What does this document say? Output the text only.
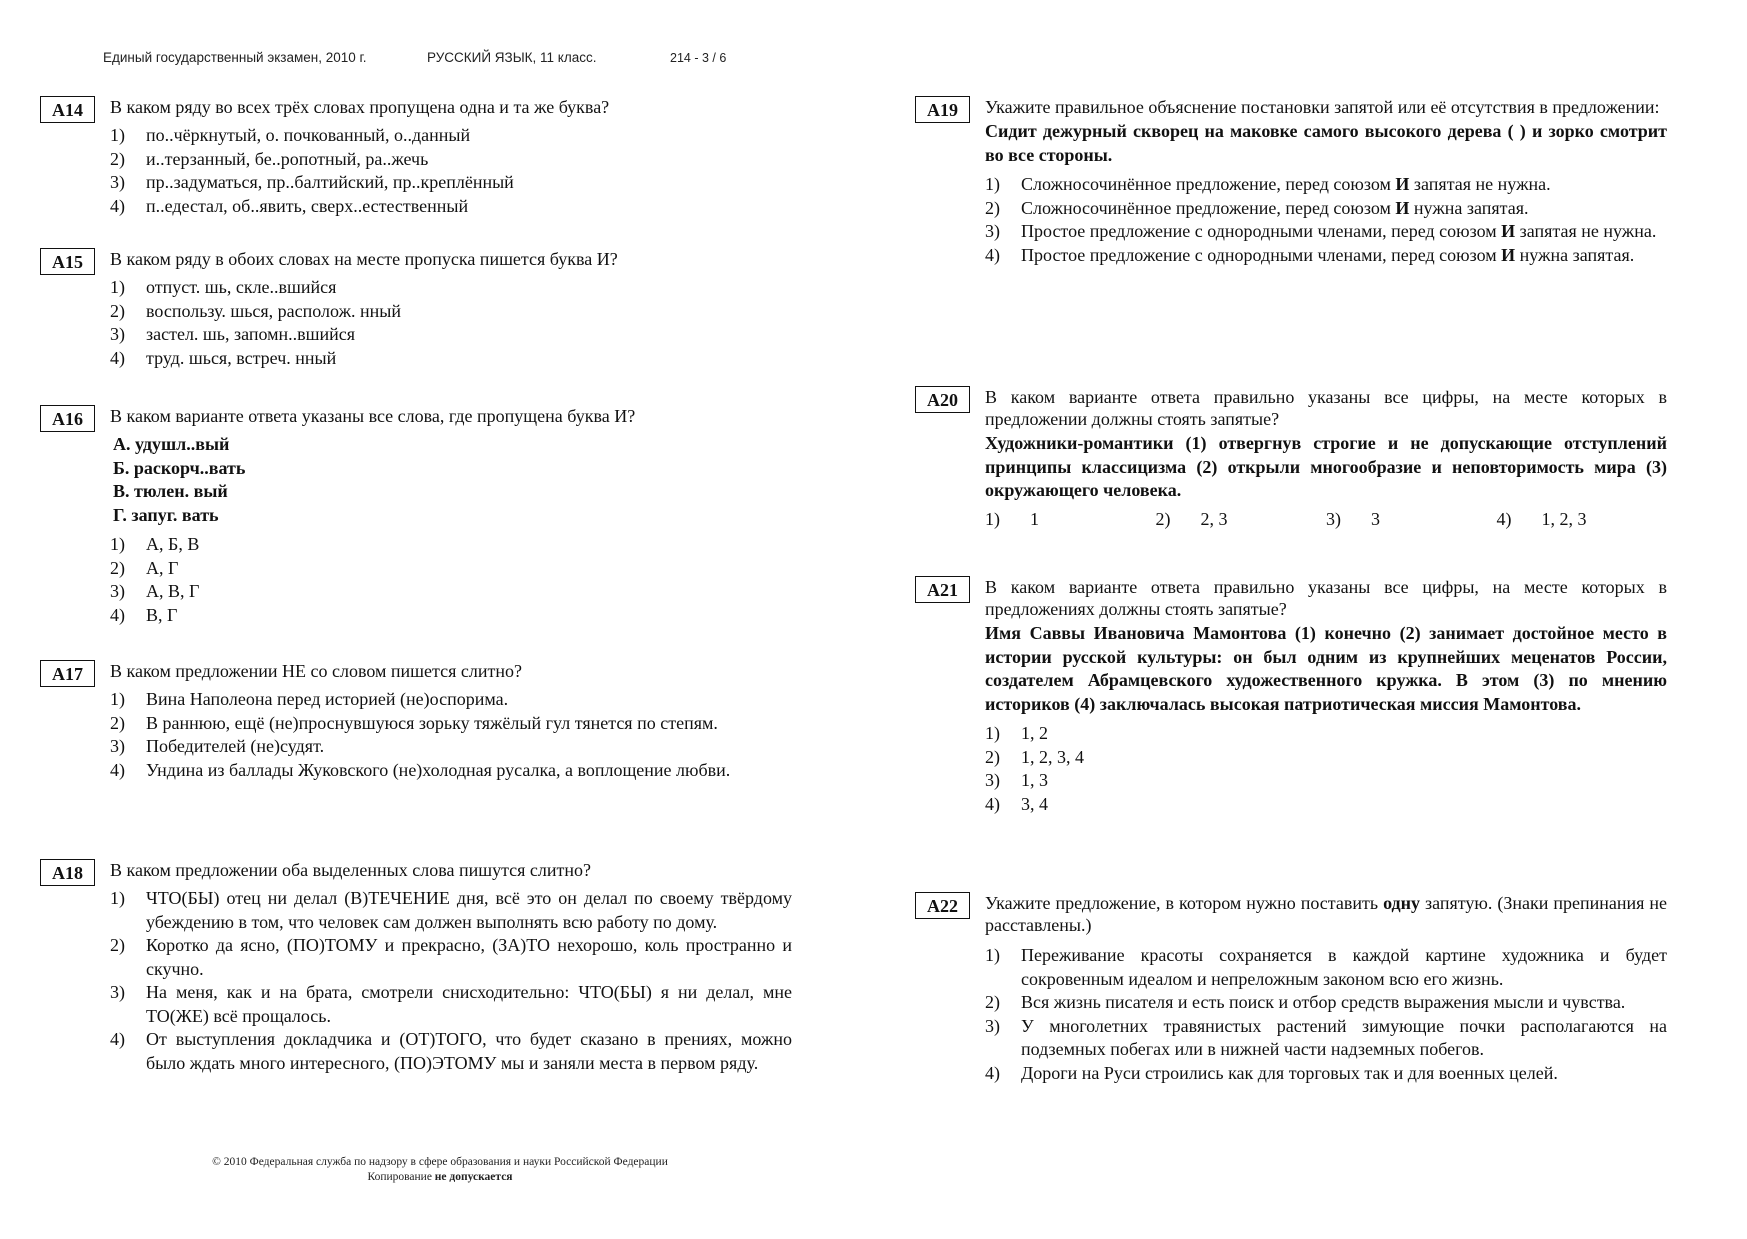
Единый государственный экзамен, 2010 г.	РУССКИЙ ЯЗЫК, 11 класс.	214 - 3 / 6
A14	В каком ряду во всех трёх словах пропущена одна и та же буква?

1)	по..чёркнутый, о. почкованный, о..данный
2)	и..терзанный, бе..ропотный, ра..жечь
3)	пр..задуматься, пр..балтийский, пр..креплённый
4)	п..едестал, об..явить, сверх..естественный
A15	В каком ряду в обоих словах на месте пропуска пишется буква И?

1)	отпуст. шь, скле..вшийся
2)	воспользу. шься, располож. нный
3)	застел. шь, запомн..вшийся
4)	труд. шься, встреч. нный
A16	В каком варианте ответа указаны все слова, где пропущена буква И?

А. удушл..вый
Б. раскорч..вать
В. тюлен. вый
Г. запуг. вать
1)	А, Б, В
2)	А, Г
3)	А, В, Г
4)	В, Г
A17	В каком предложении НЕ со словом пишется слитно?

1)	Вина Наполеона перед историей (не)оспорима.
2)	В раннюю, ещё (не)проснувшуюся зорьку тяжёлый гул тянется по степям.
3)	Победителей (не)судят.
4)	Ундина из баллады Жуковского (не)холодная русалка, а воплощение любви.
A18	В каком предложении оба выделенных слова пишутся слитно?

1)	ЧТО(БЫ) отец ни делал (В)ТЕЧЕНИЕ дня, всё это он делал по своему твёрдому убеждению в том, что человек сам должен выполнять всю работу по дому.
2)	Коротко да ясно, (ПО)ТОМУ и прекрасно, (ЗА)ТО нехорошо, коль пространно и скучно.
3)	На меня, как и на брата, смотрели снисходительно: ЧТО(БЫ) я ни делал, мне ТО(ЖЕ) всё прощалось.
4)	От выступления докладчика и (ОТ)ТОГО, что будет сказано в прениях, можно было ждать много интересного, (ПО)ЭТОМУ мы и заняли места в первом ряду.
A19	Укажите правильное объяснение постановки запятой или её отсутствия в предложении:

Сидит дежурный скворец на маковке самого высокого дерева ( ) и зорко смотрит во все стороны.

1)	Сложносочинённое предложение, перед союзом И запятая не нужна.
2)	Сложносочинённое предложение, перед союзом И нужна запятая.
3)	Простое предложение с однородными членами, перед союзом И запятая не нужна.
4)	Простое предложение с однородными членами, перед союзом И нужна запятая.
A20	В каком варианте ответа правильно указаны все цифры, на месте которых в предложении должны стоять запятые?

Художники-романтики (1) отвергнув строгие и не допускающие отступлений принципы классицизма (2) открыли многообразие и неповторимость мира (3) окружающего человека.

1)	1	2)	2, 3	3)	3	4)	1, 2, 3
A21	В каком варианте ответа правильно указаны все цифры, на месте которых в предложениях должны стоять запятые?

Имя Саввы Ивановича Мамонтова (1) конечно (2) занимает достойное место в истории русской культуры: он был одним из крупнейших меценатов России, создателем Абрамцевского художественного кружка. В этом (3) по мнению историков (4) заключалась высокая патриотическая миссия Мамонтова.

1)	1, 2
2)	1, 2, 3, 4
3)	1, 3
4)	3, 4
A22	Укажите предложение, в котором нужно поставить одну запятую. (Знаки препинания не расставлены.)

1)	Переживание красоты сохраняется в каждой картине художника и будет сокровенным идеалом и непреложным законом всю его жизнь.
2)	Вся жизнь писателя и есть поиск и отбор средств выражения мысли и чувства.
3)	У многолетних травянистых растений зимующие почки располагаются на подземных побегах или в нижней части надземных побегов.
4)	Дороги на Руси строились как для торговых так и для военных целей.
© 2010 Федеральная служба по надзору в сфере образования и науки Российской Федерации
Копирование не допускается
